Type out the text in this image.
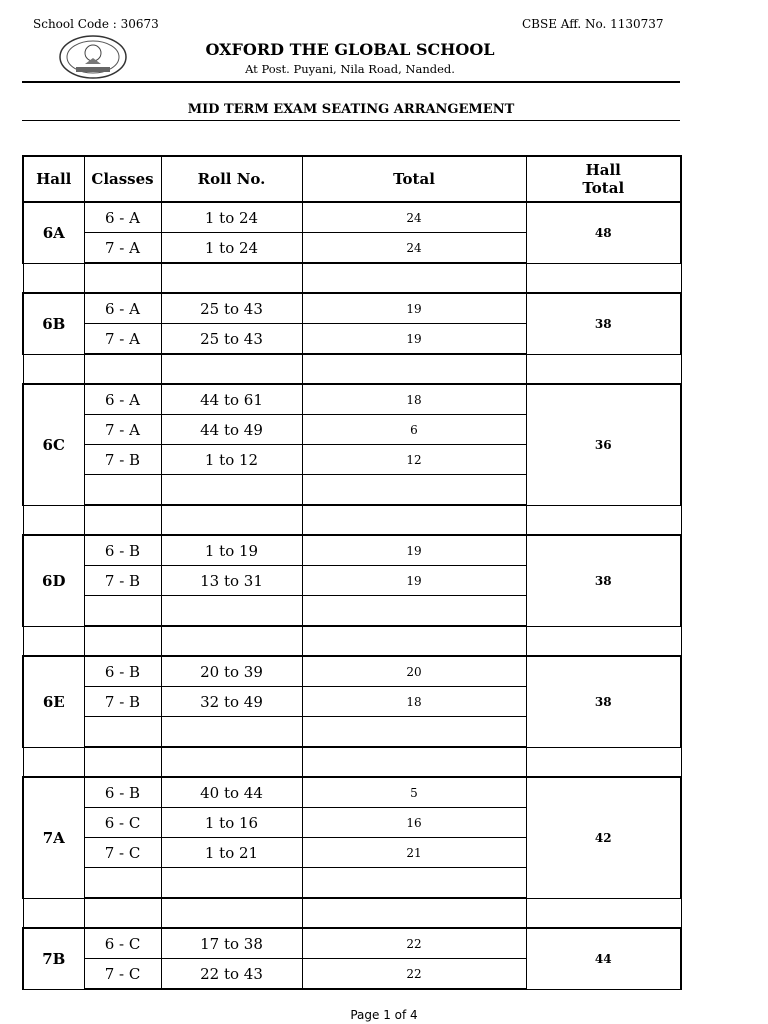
School Code : 30673	CBSE Aff. No. 1130737
OXFORD THE GLOBAL SCHOOL
At Post. Puyani, Nila Road, Nanded.
MID TERM EXAM SEATING ARRANGEMENT
Hall	Classes	Roll No.	Total	Hall Total
6A	6 - A	1 to 24	24	48
	7 - A	1 to 24	24	

6B	6 - A	25 to 43	19	38
	7 - A	25 to 43	19	

6C	6 - A	44 to 61	18	36
	7 - A	44 to 49	6	
	7 - B	1 to 12	12	

6D	6 - B	1 to 19	19	38
	7 - B	13 to 31	19	

6E	6 - B	20 to 39	20	38
	7 - B	32 to 49	18	

7A	6 - B	40 to 44	5	42
	6 - C	1 to 16	16	
	7 - C	1 to 21	21	

7B	6 - C	17 to 38	22	44
	7 - C	22 to 43	22	
Page 1 of 4
